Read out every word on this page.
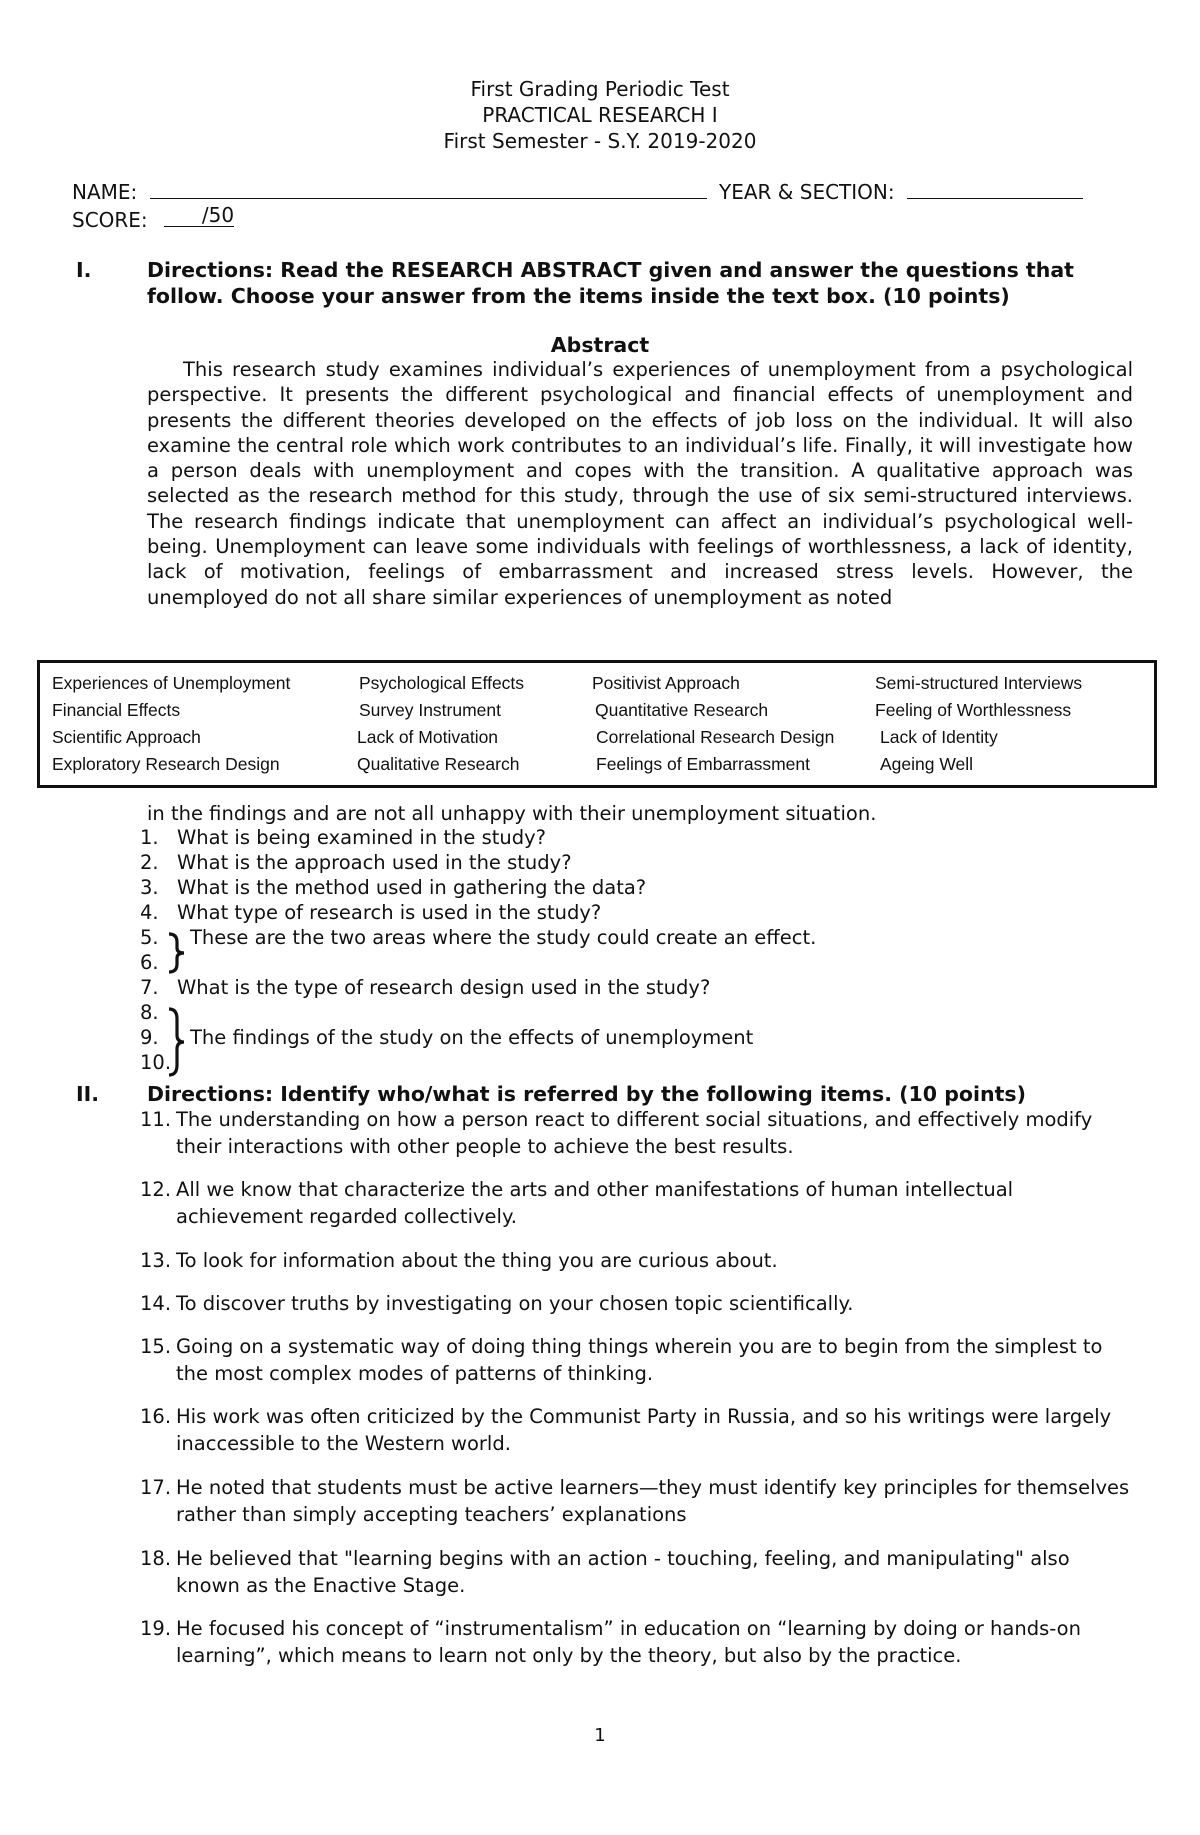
First Grading Periodic Test
PRACTICAL RESEARCH I
First Semester - S.Y. 2019-2020
NAME:	YEAR & SECTION:
SCORE:	/50
I.	Directions: Read the RESEARCH ABSTRACT given and answer the questions that follow. Choose your answer from the items inside the text box. (10 points)
Abstract

This research study examines individual’s experiences of unemployment from a psychological perspective. It presents the different psychological and financial effects of unemployment and presents the different theories developed on the effects of job loss on the individual. It will also examine the central role which work contributes to an individual’s life. Finally, it will investigate how a person deals with unemployment and copes with the transition. A qualitative approach was selected as the research method for this study, through the use of six semi-structured interviews. The research findings indicate that unemployment can affect an individual’s psychological well-being. Unemployment can leave some individuals with feelings of worthlessness, a lack of identity, lack of motivation, feelings of embarrassment and increased stress levels. However, the unemployed do not all share similar experiences of unemployment as noted

Experiences of Unemployment	Psychological Effects	Positivist Approach	Semi-structured Interviews
Financial Effects	Survey Instrument	Quantitative Research	Feeling of Worthlessness
Scientific Approach	Lack of Motivation	Correlational Research Design	Lack of Identity
Exploratory Research Design	Qualitative Research	Feelings of Embarrassment	Ageing Well
in the findings and are not all unhappy with their unemployment situation.
1. What is being examined in the study?
2. What is the approach used in the study?
3. What is the method used in gathering the data?
4. What type of research is used in the study?
5. These are the two areas where the study could create an effect.
6.
7. What is the type of research design used in the study?
8.
9. The findings of the study on the effects of unemployment
10.
II. Directions: Identify who/what is referred by the following items. (10 points)
11. The understanding on how a person react to different social situations, and effectively modify their interactions with other people to achieve the best results.
12. All we know that characterize the arts and other manifestations of human intellectual achievement regarded collectively.
13. To look for information about the thing you are curious about.
14. To discover truths by investigating on your chosen topic scientifically.
15. Going on a systematic way of doing thing things wherein you are to begin from the simplest to the most complex modes of patterns of thinking.
16. His work was often criticized by the Communist Party in Russia, and so his writings were largely inaccessible to the Western world.
17. He noted that students must be active learners—they must identify key principles for themselves rather than simply accepting teachers’ explanations
18. He believed that "learning begins with an action - touching, feeling, and manipulating" also known as the Enactive Stage.
19. He focused his concept of “instrumentalism” in education on “learning by doing or hands-on learning”, which means to learn not only by the theory, but also by the practice.
1
